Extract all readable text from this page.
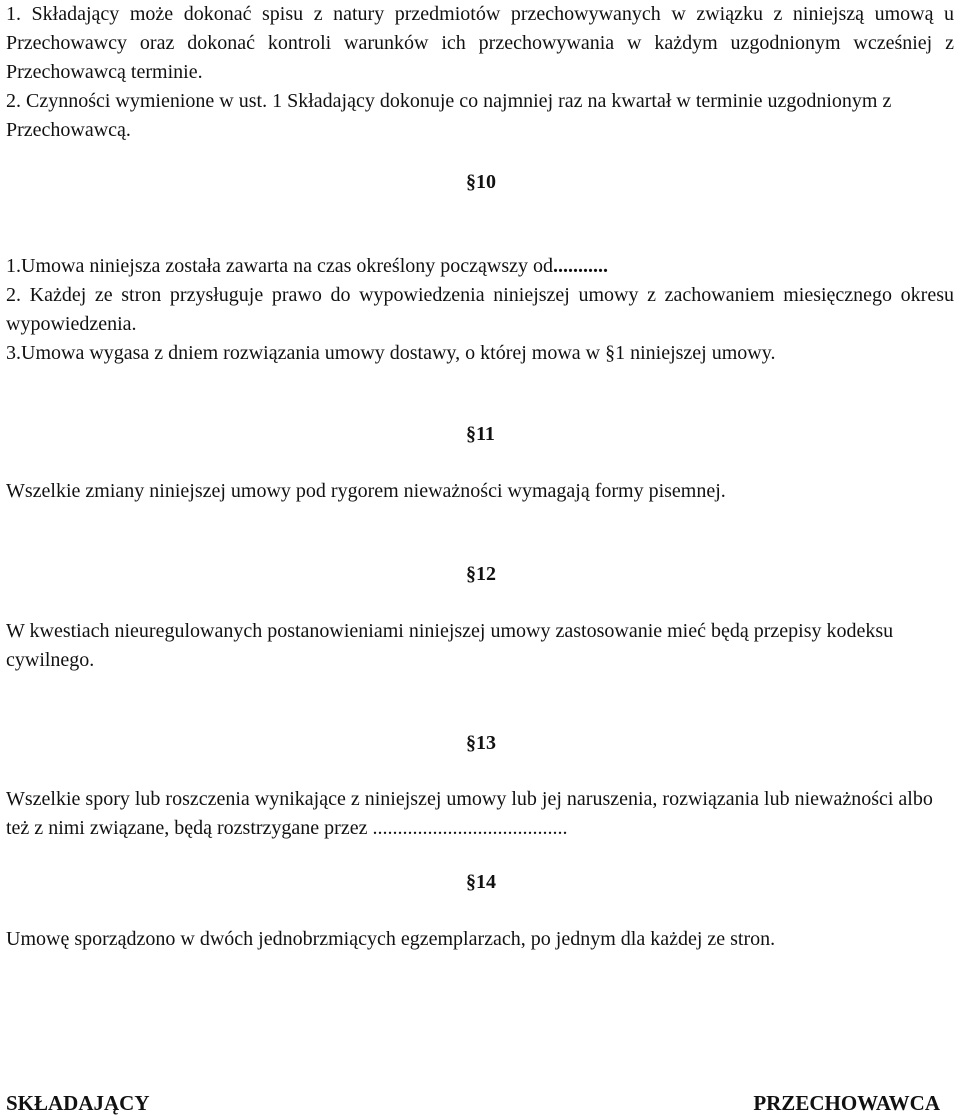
1. Składający może dokonać spisu z natury przedmiotów przechowywanych w związku z niniejszą umową u Przechowawcy oraz dokonać kontroli warunków ich przechowywania w każdym uzgodnionym wcześniej z Przechowawcą terminie.

2. Czynności wymienione w ust. 1 Składający dokonuje co najmniej raz na kwartał w terminie uzgodnionym z Przechowawcą.

§10

1.Umowa niniejsza została zawarta na czas określony począwszy od...........

2. Każdej ze stron przysługuje prawo do wypowiedzenia niniejszej umowy z zachowaniem miesięcznego okresu wypowiedzenia.

3.Umowa wygasa z dniem rozwiązania umowy dostawy, o której mowa w §1 niniejszej umowy.

§11

Wszelkie zmiany niniejszej umowy pod rygorem nieważności wymagają formy pisemnej.

§12

W kwestiach nieuregulowanych postanowieniami niniejszej umowy zastosowanie mieć będą przepisy kodeksu cywilnego.

§13

Wszelkie spory lub roszczenia wynikające z niniejszej umowy lub jej naruszenia, rozwiązania lub nieważności albo też z nimi związane, będą rozstrzygane przez .......................................

§14

Umowę sporządzono w dwóch jednobrzmiących egzemplarzach, po jednym dla każdej ze stron.

SKŁADAJĄCY	PRZECHOWAWCA
